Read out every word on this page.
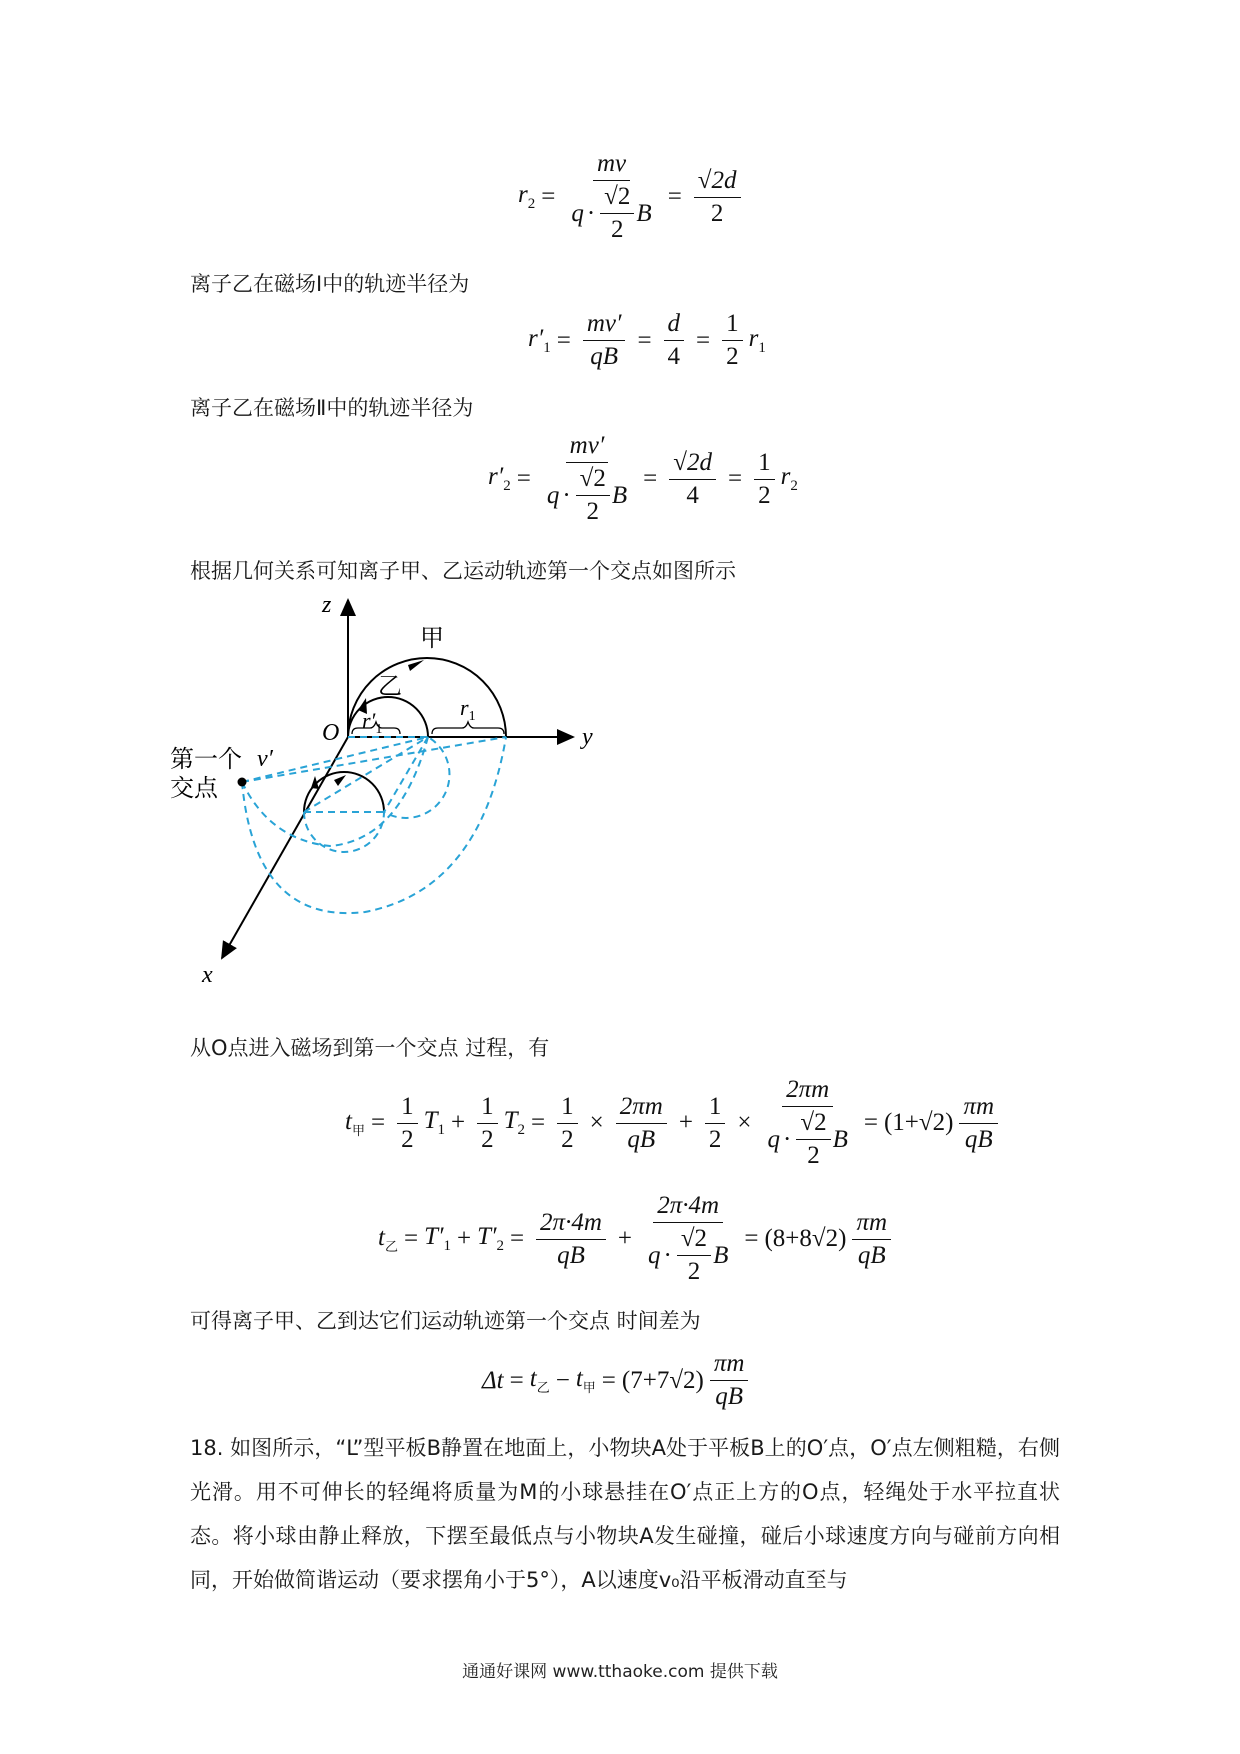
$r_2 = \frac{mv}{q \cdot \frac{√2}{2} B} = \frac{√2d}{2}$
离子乙在磁场Ⅰ中的轨迹半径为
$r'_1 = \frac{mv'}{qB} = \frac{d}{4} = \frac{1}{2} r_1$
离子乙在磁场Ⅱ中的轨迹半径为
$r'_2 = \frac{mv'}{q \cdot \frac{√2}{2} B} = \frac{√2d}{4} = \frac{1}{2} r_2$
根据几何关系可知离子甲、乙运动轨迹第一个交点如图所示
z
y
x
O
甲
乙
$r'_1$
$r_1$
v′
第一个
交点
从O点进入磁场到第一个交点 过程，有
$t_甲 = \frac{1}{2} T_1 + \frac{1}{2} T_2 = \frac{1}{2} \times \frac{2\pi m}{qB} + \frac{1}{2} \times \frac{2\pi m}{q \cdot \frac{√2}{2} B} = (1+√2) \frac{\pi m}{qB}$
$t_乙 = T'_1 + T'_2 = \frac{2\pi\cdot 4m}{qB} + \frac{2\pi\cdot 4m}{q \cdot \frac{√2}{2} B} = (8+8√2) \frac{\pi m}{qB}$
可得离子甲、乙到达它们运动轨迹第一个交点 时间差为
$\Delta t = t_乙 - t_甲 = (7+7√2) \frac{\pi m}{qB}$
18. 如图所示，“L”型平板B静置在地面上，小物块A处于平板B上的O′点，O′点左侧粗糙，右侧光滑。用不可伸长的轻绳将质量为M的小球悬挂在O′点正上方的O点，轻绳处于水平拉直状态。将小球由静止释放，下摆至最低点与小物块A发生碰撞，碰后小球速度方向与碰前方向相同，开始做简谐运动（要求摆角小于5°），A以速度v₀沿平板滑动直至与
通通好课网 www.tthaoke.com 提供下载
